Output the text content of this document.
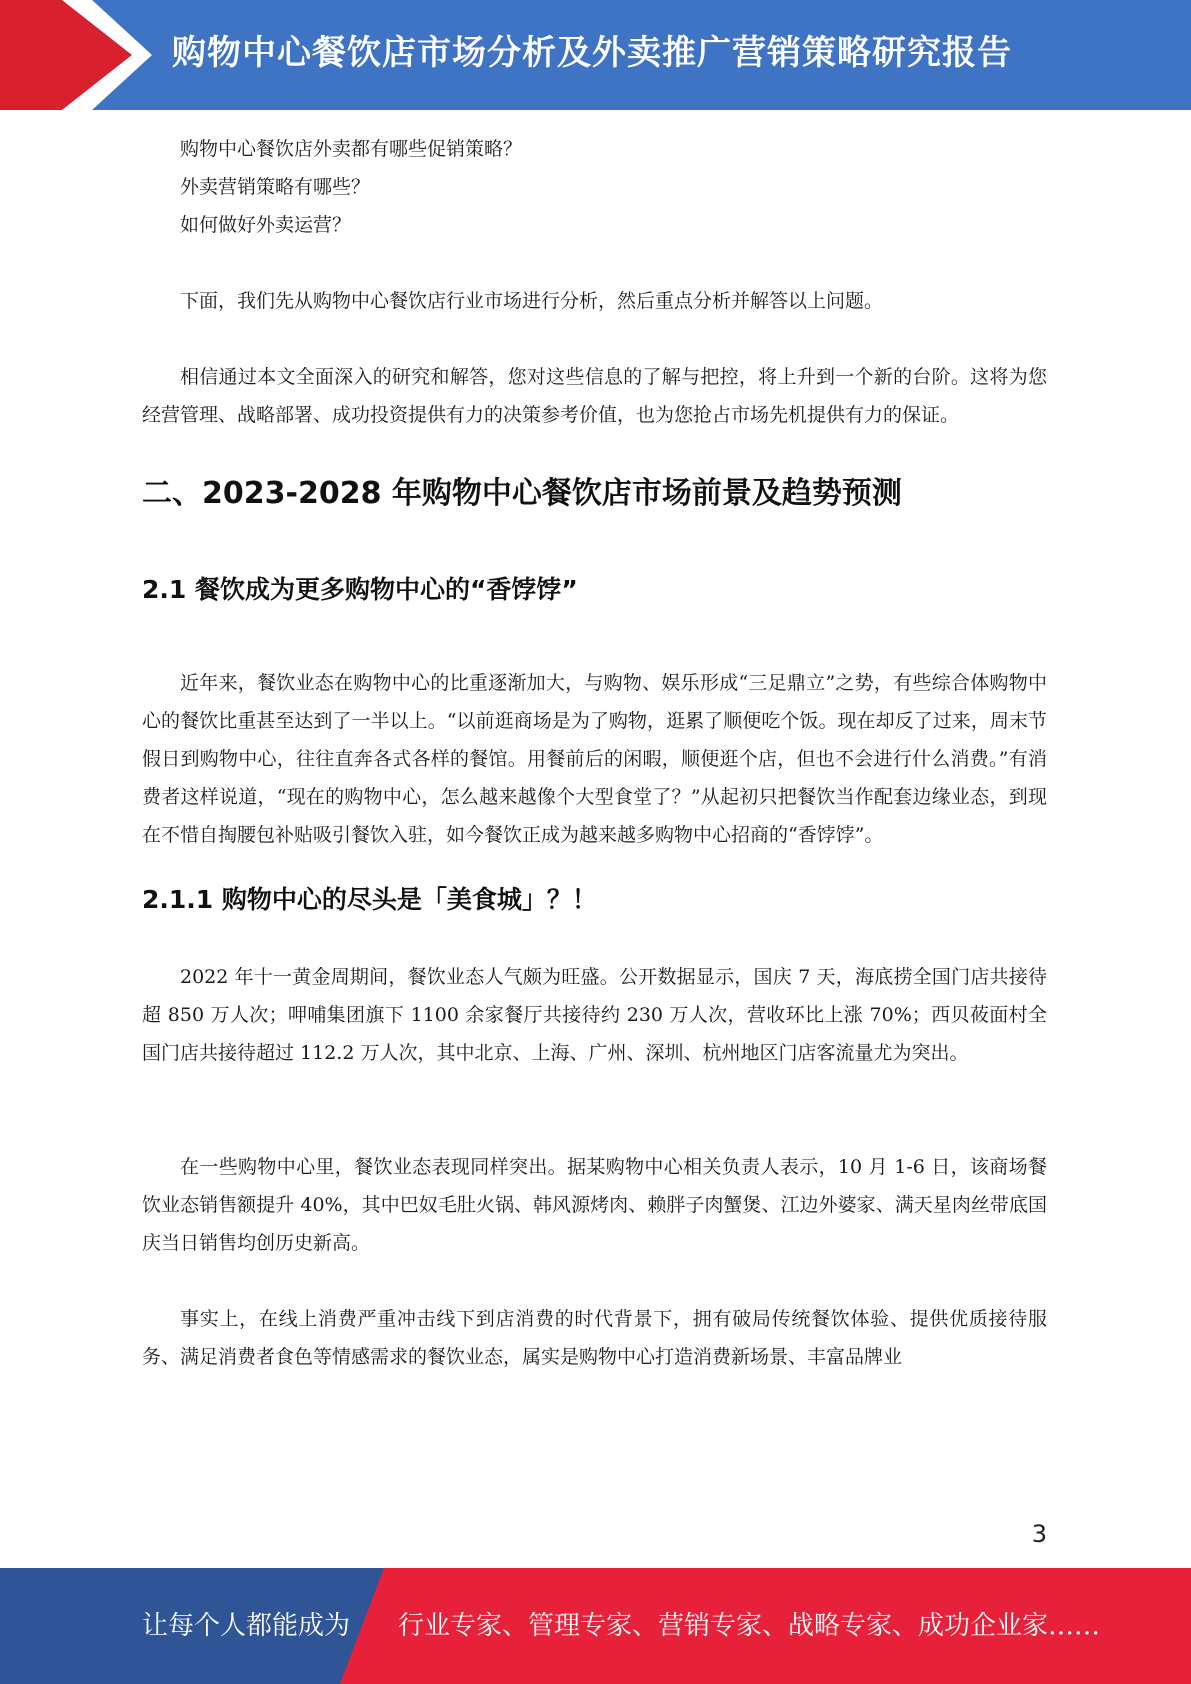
购物中心餐饮店市场分析及外卖推广营销策略研究报告

购物中心餐饮店外卖都有哪些促销策略？

外卖营销策略有哪些？

如何做好外卖运营？

下面，我们先从购物中心餐饮店行业市场进行分析，然后重点分析并解答以上问题。

相信通过本文全面深入的研究和解答，您对这些信息的了解与把控，将上升到一个新的台阶。这将为您经营管理、战略部署、成功投资提供有力的决策参考价值，也为您抢占市场先机提供有力的保证。

二、2023-2028 年购物中心餐饮店市场前景及趋势预测
2.1 餐饮成为更多购物中心的“香饽饽”

近年来，餐饮业态在购物中心的比重逐渐加大，与购物、娱乐形成“三足鼎立”之势，有些综合体购物中心的餐饮比重甚至达到了一半以上。“以前逛商场是为了购物，逛累了顺便吃个饭。现在却反了过来，周末节假日到购物中心，往往直奔各式各样的餐馆。用餐前后的闲暇，顺便逛个店，但也不会进行什么消费。”有消费者这样说道，“现在的购物中心，怎么越来越像个大型食堂了？”从起初只把餐饮当作配套边缘业态，到现在不惜自掏腰包补贴吸引餐饮入驻，如今餐饮正成为越来越多购物中心招商的“香饽饽”。

2.1.1 购物中心的尽头是「美食城」？！

2022 年十一黄金周期间，餐饮业态人气颇为旺盛。公开数据显示，国庆 7 天，海底捞全国门店共接待超 850 万人次；呷哺集团旗下 1100 余家餐厅共接待约 230 万人次，营收环比上涨 70%；西贝莜面村全国门店共接待超过 112.2 万人次，其中北京、上海、广州、深圳、杭州地区门店客流量尤为突出。

在一些购物中心里，餐饮业态表现同样突出。据某购物中心相关负责人表示，10 月 1-6 日，该商场餐饮业态销售额提升 40%，其中巴奴毛肚火锅、韩风源烤肉、赖胖子肉蟹煲、江边外婆家、满天星肉丝带底国庆当日销售均创历史新高。

事实上，在线上消费严重冲击线下到店消费的时代背景下，拥有破局传统餐饮体验、提供优质接待服务、满足消费者食色等情感需求的餐饮业态，属实是购物中心打造消费新场景、丰富品牌业

3
让每个人都能成为 行业专家、管理专家、营销专家、战略专家、成功企业家……
